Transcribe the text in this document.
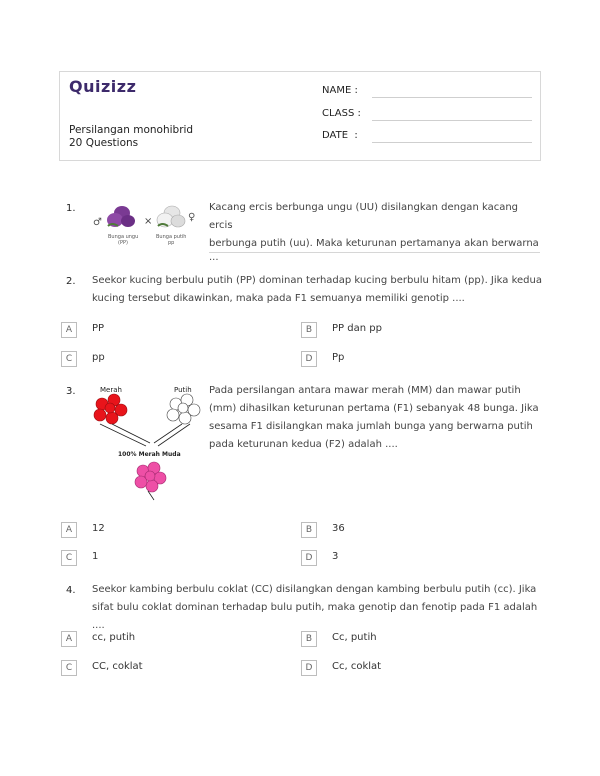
Quizizz
Persilangan monohibrid
20 Questions
NAME :
CLASS :
DATE  :
1.
♂	×	♀
Bunga ungu
(PP)
Bunga putih
pp
Kacang ercis berbunga ungu (UU) disilangkan dengan kacang ercis
berbunga putih (uu). Maka keturunan pertamanya akan berwarna
...
2. Seekor kucing berbulu putih (PP) dominan terhadap kucing berbulu hitam (pp). Jika kedua
kucing tersebut dikawinkan, maka pada F1 semuanya memiliki genotip ....
A	PP	B	PP dan pp
C	pp	D	Pp
3.	Merah	Putih
100% Merah Muda
Pada persilangan antara mawar merah (MM) dan mawar putih
(mm) dihasilkan keturunan pertama (F1) sebanyak 48 bunga. Jika
sesama F1 disilangkan maka jumlah bunga yang berwarna putih
pada keturunan kedua (F2) adalah ....
A	12	B	36
C	1	D	3
4. Seekor kambing berbulu coklat (CC) disilangkan dengan kambing berbulu putih (cc). Jika
sifat bulu coklat dominan terhadap bulu putih, maka genotip dan fenotip pada F1 adalah ....
A	cc, putih	B	Cc, putih
C	CC, coklat	D	Cc, coklat
